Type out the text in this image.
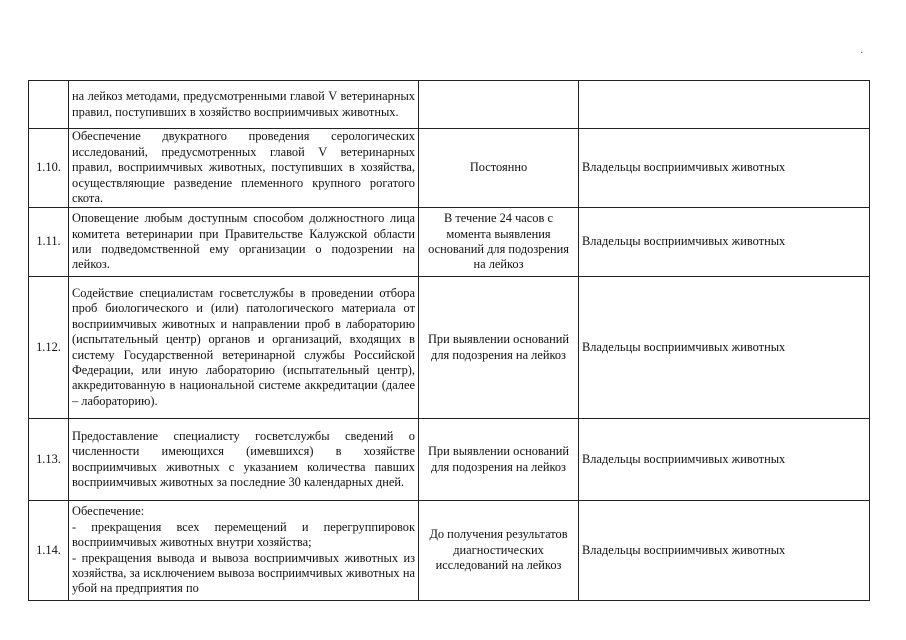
·
	на лейкоз методами, предусмотренными главой V ветеринарных правил, поступивших в хозяйство восприимчивых животных.		
1.10.	Обеспечение двукратного проведения серологических исследований, предусмотренных главой V ветеринарных правил, восприимчивых животных, поступивших в хозяйства, осуществляющие разведение племенного крупного рогатого скота.	Постоянно	Владельцы восприимчивых животных
1.11.	Оповещение любым доступным способом должностного лица комитета ветеринарии при Правительстве Калужской области или подведомственной ему организации о подозрении на лейкоз.	В течение 24 часов с момента выявления оснований для подозрения на лейкоз	Владельцы восприимчивых животных
1.12.	Содействие специалистам госветслужбы в проведении отбора проб биологического и (или) патологического материала от восприимчивых животных и направлении проб в лабораторию (испытательный центр) органов и организаций, входящих в систему Государственной ветеринарной службы Российской Федерации, или иную лабораторию (испытательный центр), аккредитованную в национальной системе аккредитации (далее – лабораторию).	При выявлении оснований для подозрения на лейкоз	Владельцы восприимчивых животных
1.13.	Предоставление специалисту госветслужбы сведений о численности имеющихся (имевшихся) в хозяйстве восприимчивых животных с указанием количества павших восприимчивых животных за последние 30 календарных дней.	При выявлении оснований для подозрения на лейкоз	Владельцы восприимчивых животных
1.14.	Обеспечение:
- прекращения всех перемещений и перегруппировок восприимчивых животных внутри хозяйства;
- прекращения вывода и вывоза восприимчивых животных из хозяйства, за исключением вывоза восприимчивых животных на убой на предприятия по	До получения результатов диагностических исследований на лейкоз	Владельцы восприимчивых животных
